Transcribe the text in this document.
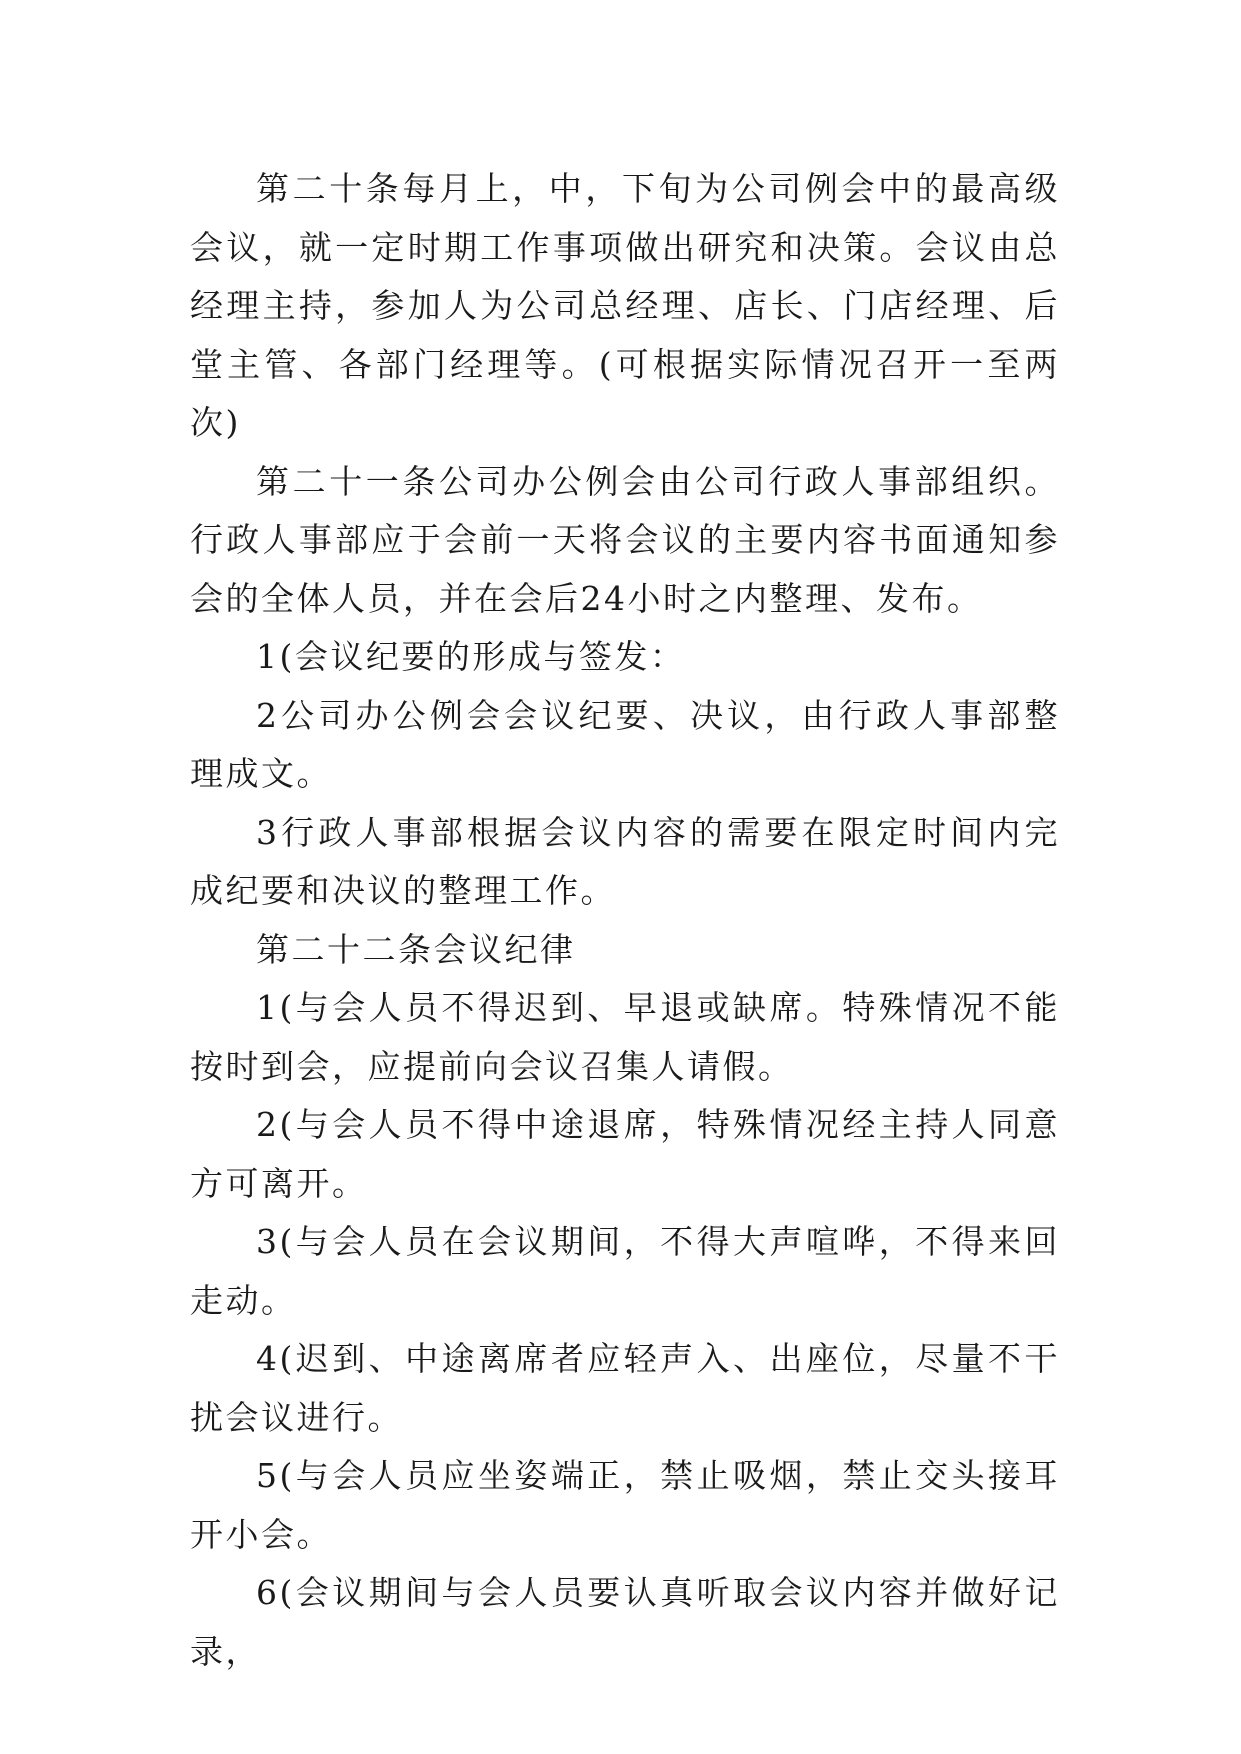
第二十条每月上，中，下旬为公司例会中的最高级会议，就一定时期工作事项做出研究和决策。会议由总经理主持，参加人为公司总经理、店长、门店经理、后堂主管、各部门经理等。(可根据实际情况召开一至两次)

第二十一条公司办公例会由公司行政人事部组织。行政人事部应于会前一天将会议的主要内容书面通知参会的全体人员，并在会后24小时之内整理、发布。

1(会议纪要的形成与签发：

2公司办公例会会议纪要、决议，由行政人事部整理成文。

3行政人事部根据会议内容的需要在限定时间内完成纪要和决议的整理工作。

第二十二条会议纪律

1(与会人员不得迟到、早退或缺席。特殊情况不能按时到会，应提前向会议召集人请假。

2(与会人员不得中途退席，特殊情况经主持人同意方可离开。

3(与会人员在会议期间，不得大声喧哗，不得来回走动。

4(迟到、中途离席者应轻声入、出座位，尽量不干扰会议进行。

5(与会人员应坐姿端正，禁止吸烟，禁止交头接耳开小会。

6(会议期间与会人员要认真听取会议内容并做好记录，
